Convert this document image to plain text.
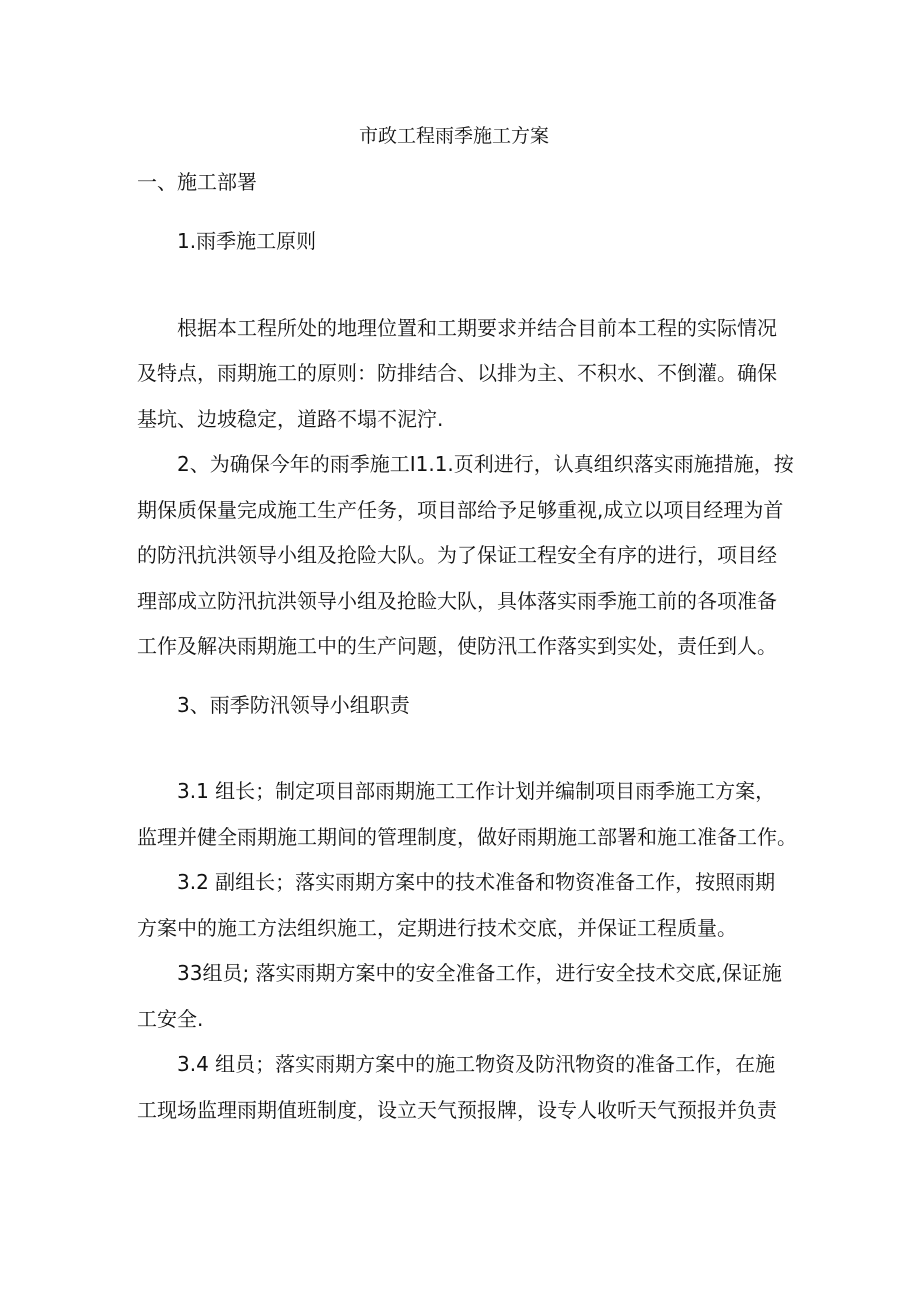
市政工程雨季施工方案
一、施工部署
1.雨季施工原则
根据本工程所处的地理位置和工期要求并结合目前本工程的实际情况
及特点，雨期施工的原则：防排结合、以排为主、不积水、不倒灌。确保
基坑、边坡稳定，道路不塌不泥泞.
2、为确保今年的雨季施工I1.1.页利进行，认真组织落实雨施措施，按
期保质保量完成施工生产任务，项目部给予足够重视,成立以项目经理为首
的防汛抗洪领导小组及抢险大队。为了保证工程安全有序的进行，项目经
理部成立防汛抗洪领导小组及抢睑大队，具体落实雨季施工前的各项准备
工作及解决雨期施工中的生产问题，使防汛工作落实到实处，责任到人。
3、雨季防汛领导小组职责
3.1 组长；制定项目部雨期施工工作计划并编制项目雨季施工方案，
监理并健全雨期施工期间的管理制度，做好雨期施工部署和施工准备工作。
3.2 副组长；落实雨期方案中的技术准备和物资准备工作，按照雨期
方案中的施工方法组织施工，定期进行技术交底，并保证工程质量。
33组员; 落实雨期方案中的安全准备工作，进行安全技术交底,保证施
工安全.
3.4 组员；落实雨期方案中的施工物资及防汛物资的准备工作，在施
工现场监理雨期值班制度，设立天气预报牌，设专人收听天气预报并负责
